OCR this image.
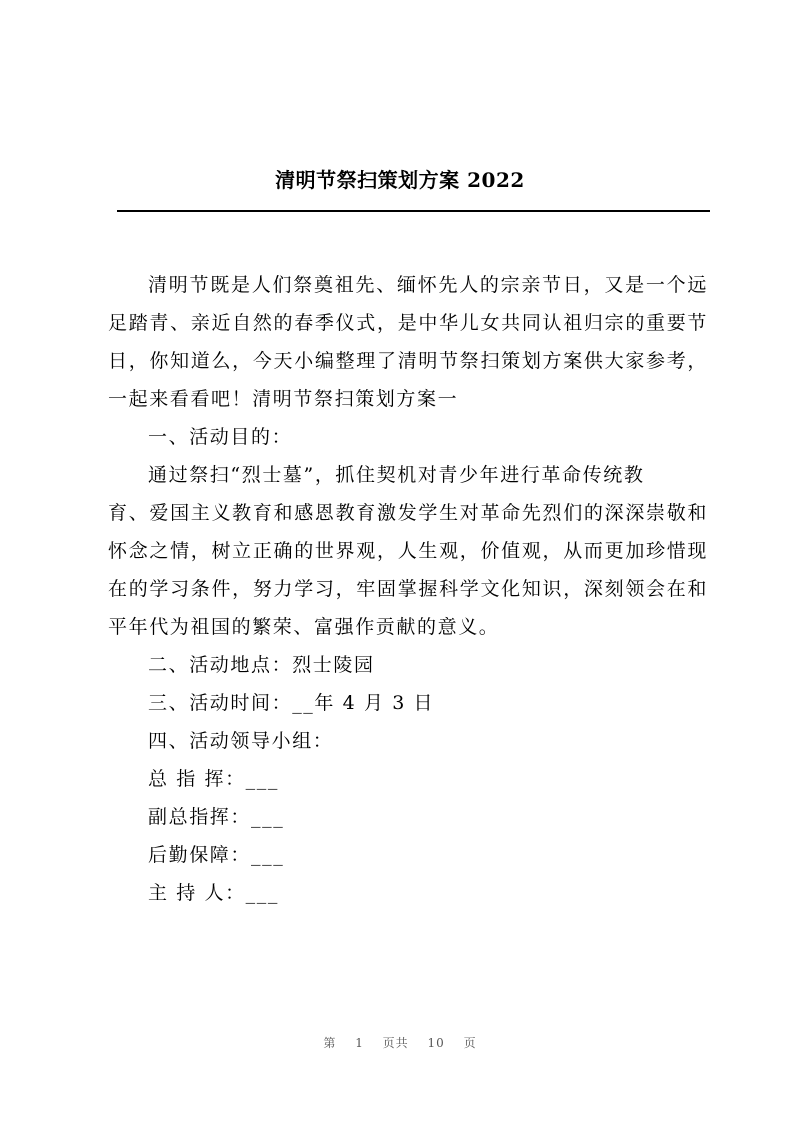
清明节祭扫策划方案 2022

清明节既是人们祭奠祖先、缅怀先人的宗亲节日，又是一个远足踏青、亲近自然的春季仪式，是中华儿女共同认祖归宗的重要节日，你知道么，今天小编整理了清明节祭扫策划方案供大家参考，一起来看看吧！清明节祭扫策划方案一

一、活动目的：

通过祭扫“烈士墓”，抓住契机对青少年进行革命传统教

育、爱国主义教育和感恩教育激发学生对革命先烈们的深深崇敬和怀念之情，树立正确的世界观，人生观，价值观，从而更加珍惜现在的学习条件，努力学习，牢固掌握科学文化知识，深刻领会在和平年代为祖国的繁荣、富强作贡献的意义。

二、活动地点：烈士陵园

三、活动时间：__年 4 月 3 日

四、活动领导小组：

总 指 挥：___

副总指挥：___

后勤保障：___

主 持 人：___

第 1 页共 10 页
